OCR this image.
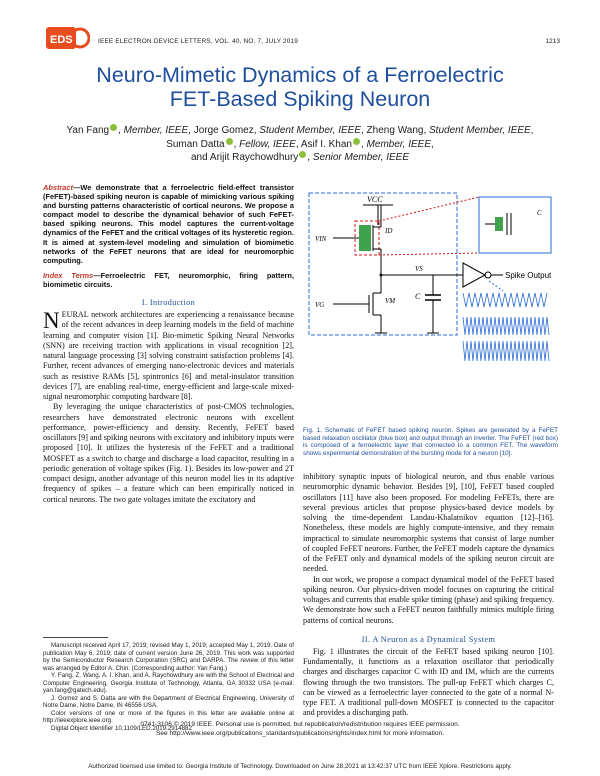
EDS	IEEE ELECTRON DEVICE LETTERS, VOL. 40, NO. 7, JULY 2019	1213
Neuro-Mimetic Dynamics of a Ferroelectric
FET-Based Spiking Neuron
Yan Fang , Member, IEEE, Jorge Gomez, Student Member, IEEE, Zheng Wang, Student Member, IEEE,
Suman Datta , Fellow, IEEE, Asif I. Khan , Member, IEEE,
and Arijit Raychowdhury , Senior Member, IEEE
Abstract—We demonstrate that a ferroelectric field-effect transistor (FeFET)-based spiking neuron is capable of mimicking various spiking and bursting patterns characteristic of cortical neurons. We propose a compact model to describe the dynamical behavior of such FeFET-based spiking neurons. This model captures the current-voltage dynamics of the FeFET and the critical voltages of its hysteretic region. It is aimed at system-level modeling and simulation of biomimetic networks of the FeFET neurons that are ideal for neuromorphic computing.
Index Terms—Ferroelectric FET, neuromorphic, firing pattern, biomimetic circuits.
I. Introduction

NEURAL network architectures are experiencing a renaissance because of the recent advances in deep learning models in the field of machine learning and computer vision [1]. Bio-mimetic Spiking Neural Networks (SNN) are receiving traction with applications in visual recognition [2], natural language processing [3] solving constraint satisfaction problems [4]. Further, recent advances of emerging nano-electronic devices and materials such as resistive RAMs [5], spintronics [6] and metal-insulator transition devices [7], are enabling real-time, energy-efficient and large-scale mixed-signal neuromorphic computing hardware [8].

By leveraging the unique characteristics of post-CMOS technologies, researchers have demonstrated electronic neurons with excellent performance, power-efficiency and density. Recently, FeFET based oscillators [9] and spiking neurons with excitatory and inhibitory inputs were proposed [10]. It utilizes the hysteresis of the FeFET and a traditional MOSFET as a switch to charge and discharge a load capacitor, resulting in a periodic generation of voltage spikes (Fig. 1). Besides its low-power and 2T compact design, another advantage of this neuron model lies in its adaptive frequency of spikes – a feature which can been empirically noticed in cortical neurons. The two gate voltages imitate the excitatory and

Manuscript received April 17, 2019; revised May 1, 2019; accepted May 1, 2019. Date of publication May 6, 2019; date of current version June 26, 2019. This work was supported by the Semiconductor Research Corporation (SRC) and DARPA. The review of this letter was arranged by Editor A. Chin. (Corresponding author: Yan Fang.)

Y. Fang, Z. Wang, A. I. Khan, and A. Raychowdhury are with the School of Electrical and Computer Engineering, Georgia Institute of Technology, Atlanta, GA 30332 USA (e-mail: yan.fang@gatech.edu).

J. Gomez and S. Datta are with the Department of Electrical Engineering, University of Notre Dame, Notre Dame, IN 46556 USA.

Color versions of one or more of the figures in this letter are available online at http://ieeexplore.ieee.org.

Digital Object Identifier 10.1109/LED.2019.2914882

VCC
ID
VIN
VS
VG	VM C
Spike Output
C
Fig. 1. Schematic of FeFET based spiking neuron. Spikes are generated by a FeFET based relaxation oscillator (blue box) and output through an inverter. The FeFET (red box) is composed of a ferroelectric layer that connected to a common FET. The waveform shows experimental demonstration of the bursting mode for a neuron [10].

inhibitory synaptic inputs of biological neuron, and thus enable various neuromorphic dynamic behavior. Besides [9], [10], FeFET based coupled oscillators [11] have also been proposed. For modeling FeFETs, there are several previous articles that propose physics-based device models by solving the time-dependent Landau-Khalatnikov equation [12]–[16]. Nonetheless, these models are highly compute-intensive, and they remain impractical to simulate neuromorphic systems that consist of large number of coupled FeFET neurons. Further, the FeFET models capture the dynamics of the FeFET only and dynamical models of the spiking neuron circuit are needed.

In our work, we propose a compact dynamical model of the FeFET based spiking neuron. Our physics-driven model focuses on capturing the critical voltages and currents that enable spike timing (phase) and spiking frequency. We demonstrate how such a FeFET neuron faithfully mimics multiple firing patterns of cortical neurons.

II. A Neuron as a Dynamical System

Fig. 1 illustrates the circuit of the FeFET based spiking neuron [10]. Fundamentally, it functions as a relaxation oscillator that periodically charges and discharges capacitor C with ID and IM, which are the currents flowing through the two transistors. The pull-up FeFET which charges C, can be viewed as a ferroelectric layer connected to the gate of a normal N-type FET. A traditional pull-down MOSFET is connected to the capacitor and provides a discharging path.

0741-3106 © 2019 IEEE. Personal use is permitted, but republication/redistribution requires IEEE permission.
See http://www.ieee.org/publications_standards/publications/rights/index.html for more information.
Authorized licensed use limited to: Georgia Institute of Technology. Downloaded on June 28,2021 at 13:42:37 UTC from IEEE Xplore. Restrictions apply.
